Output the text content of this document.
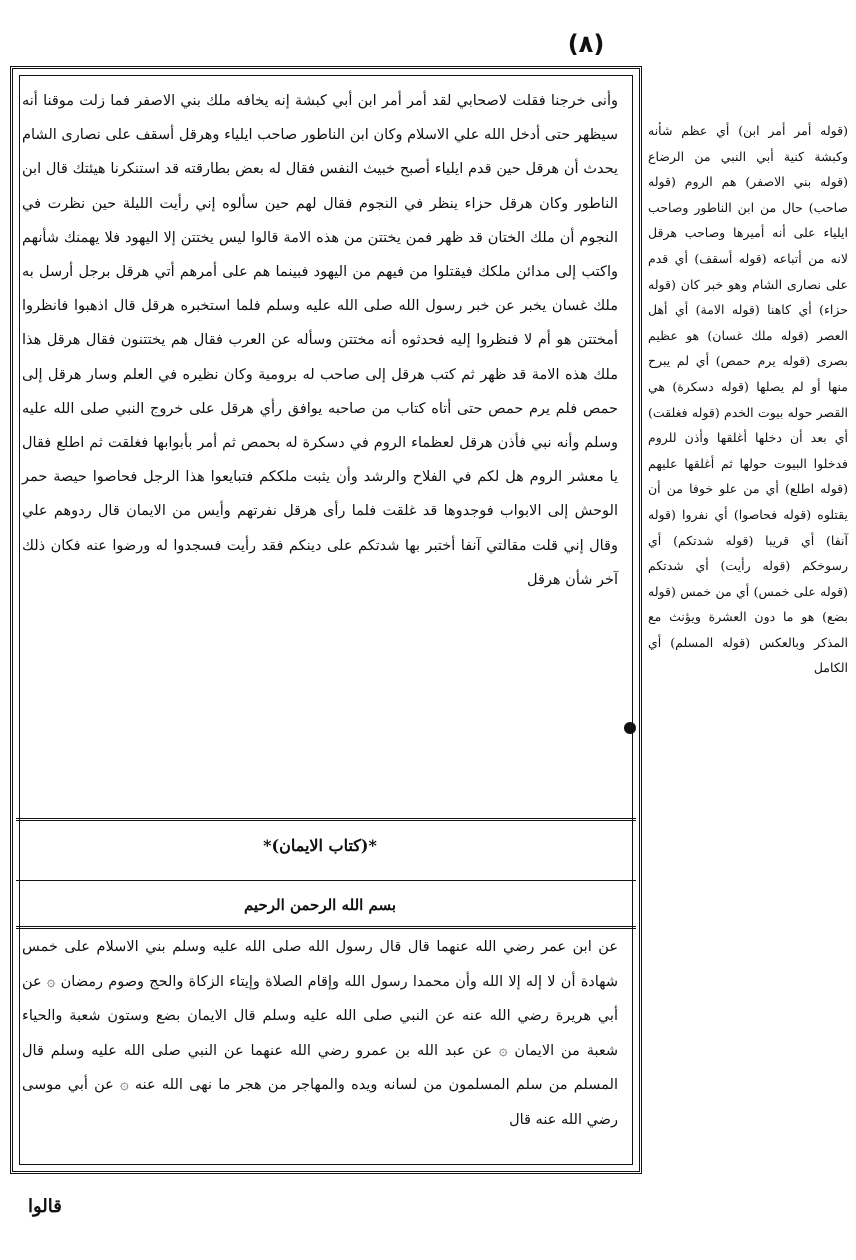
(٨)

وأنى خرجنا فقلت لاصحابي لقد أمر أمر ابن أبي كبشة إنه يخافه ملك بني الاصفر فما زلت موقنا أنه سيظهر حتى أدخل الله علي الاسلام وكان ابن الناطور صاحب ايلياء وهرقل أسقف على نصارى الشام يحدث أن هرقل حين قدم ايلياء أصبح خبيث النفس فقال له بعض بطارقته قد استنكرنا هيئتك قال ابن الناطور وكان هرقل حزاء ينظر في النجوم فقال لهم حين سألوه إني رأيت الليلة حين نظرت في النجوم أن ملك الختان قد ظهر فمن يختتن من هذه الامة قالوا ليس يختتن إلا اليهود فلا يهمنك شأنهم واكتب إلى مدائن ملكك فيقتلوا من فيهم من اليهود فبينما هم على أمرهم أتي هرقل برجل أرسل به ملك غسان يخبر عن خبر رسول الله صلى الله عليه وسلم فلما استخبره هرقل قال اذهبوا فانظروا أمختتن هو أم لا فنظروا إليه فحدثوه أنه مختتن وسأله عن العرب فقال هم يختتنون فقال هرقل هذا ملك هذه الامة قد ظهر ثم كتب هرقل إلى صاحب له برومية وكان نظيره في العلم وسار هرقل إلى حمص فلم يرم حمص حتى أتاه كتاب من صاحبه يوافق رأي هرقل على خروج النبي صلى الله عليه وسلم وأنه نبي فأذن هرقل لعظماء الروم في دسكرة له بحمص ثم أمر بأبوابها فغلقت ثم اطلع فقال يا معشر الروم هل لكم في الفلاح والرشد وأن يثبت ملككم فتبايعوا هذا الرجل فحاصوا حيصة حمر الوحش إلى الابواب فوجدوها قد غلقت فلما رأى هرقل نفرتهم وأيس من الايمان قال ردوهم علي وقال إني قلت مقالتي آنفا أختبر بها شدتكم على دينكم فقد رأيت فسجدوا له ورضوا عنه فكان ذلك آخر شأن هرقل

*(كتاب الايمان)*
بسم الله الرحمن الرحيم

عن ابن عمر رضي الله عنهما قال قال رسول الله صلى الله عليه وسلم بني الاسلام على خمس شهادة أن لا إله إلا الله وأن محمدا رسول الله وإقام الصلاة وإيتاء الزكاة والحج وصوم رمضان ۞ عن أبي هريرة رضي الله عنه عن النبي صلى الله عليه وسلم قال الايمان بضع وستون شعبة والحياء شعبة من الايمان ۞ عن عبد الله بن عمرو رضي الله عنهما عن النبي صلى الله عليه وسلم قال المسلم من سلم المسلمون من لسانه ويده والمهاجر من هجر ما نهى الله عنه ۞ عن أبي موسى رضي الله عنه قال

(قوله أمر أمر ابن) أي عظم شأنه وكبشة كنية أبي النبي من الرضاع (قوله بني الاصفر) هم الروم (قوله صاحب) حال من ابن الناطور وصاحب ايلياء على أنه أميرها وصاحب هرقل لانه من أتباعه (قوله أسقف) أي قدم على نصارى الشام وهو خبر كان (قوله حزاء) أي كاهنا (قوله الامة) أي أهل العصر (قوله ملك غسان) هو عظيم بصرى (قوله يرم حمص) أي لم يبرح منها أو لم يصلها (قوله دسكرة) هي القصر حوله بيوت الخدم (قوله فغلقت) أي بعد أن دخلها أغلقها وأذن للروم فدخلوا البيوت حولها ثم أغلقها عليهم (قوله اطلع) أي من علو خوفا من أن يقتلوه (قوله فحاصوا) أي نفروا (قوله آنفا) أي قريبا (قوله شدتكم) أي رسوخكم (قوله رأيت) أي شدتكم (قوله على خمس) أي من خمس (قوله بضع) هو ما دون العشرة ويؤنث مع المذكر وبالعكس (قوله المسلم) أي الكامل

قالوا
